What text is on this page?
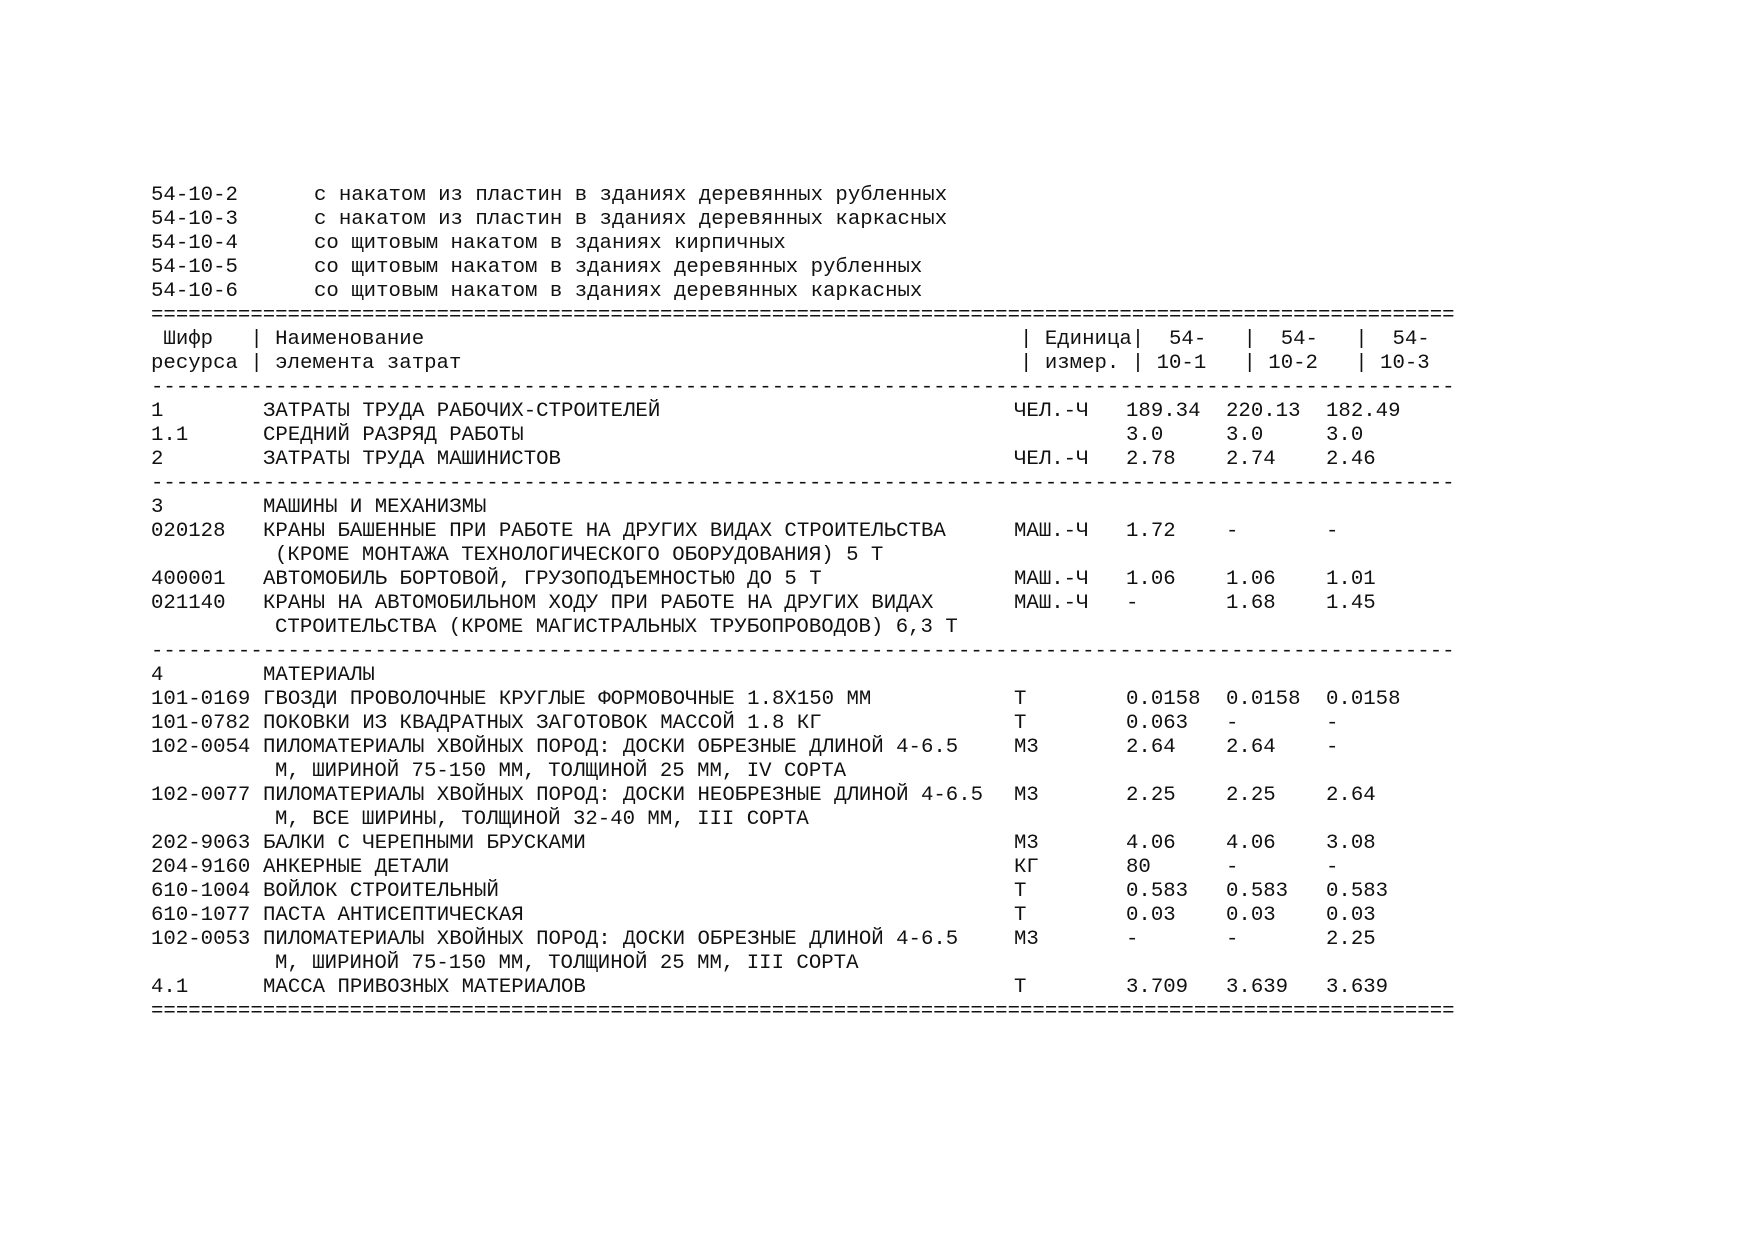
54-10-2	с накатом из пластин в зданиях деревянных рубленных
54-10-3	с накатом из пластин в зданиях деревянных каркасных
54-10-4	со щитовым накатом в зданиях кирпичных
54-10-5	со щитовым накатом в зданиях деревянных рубленных
54-10-6	со щитовым накатом в зданиях деревянных каркасных
=========================================================================================================
Шифр   | Наименование                                                | Единица|  54-   |  54-   |  54-
ресурса | элемента затрат                                             | измер. | 10-1   | 10-2   | 10-3
---------------------------------------------------------------------------------------------------------
1	ЗАТРАТЫ ТРУДА РАБОЧИХ-СТРОИТЕЛЕЙ	ЧЕЛ.-Ч 189.34 220.13 182.49
1.1	СРЕДНИЙ РАЗРЯД РАБОТЫ	3.0	3.0	3.0
2	ЗАТРАТЫ ТРУДА МАШИНИСТОВ	ЧЕЛ.-Ч 2.78 2.74 2.46
---------------------------------------------------------------------------------------------------------
3	МАШИНЫ И МЕХАНИЗМЫ
020128 КРАНЫ БАШЕННЫЕ ПРИ РАБОТЕ НА ДРУГИХ ВИДАХ СТРОИТЕЛЬСТВА	МАШ.-Ч 1.72 -	-
(КРОМЕ МОНТАЖА ТЕХНОЛОГИЧЕСКОГО ОБОРУДОВАНИЯ) 5 Т
400001 АВТОМОБИЛЬ БОРТОВОЙ, ГРУЗОПОДЪЕМНОСТЬЮ ДО 5 Т	МАШ.-Ч 1.06 1.06 1.01
021140 КРАНЫ НА АВТОМОБИЛЬНОМ ХОДУ ПРИ РАБОТЕ НА ДРУГИХ ВИДАХ	МАШ.-Ч -	1.68 1.45
СТРОИТЕЛЬСТВА (КРОМЕ МАГИСТРАЛЬНЫХ ТРУБОПРОВОДОВ) 6,3 Т
---------------------------------------------------------------------------------------------------------
4	МАТЕРИАЛЫ
101-0169 ГВОЗДИ ПРОВОЛОЧНЫЕ КРУГЛЫЕ ФОРМОВОЧНЫЕ 1.8Х150 ММ	Т	0.0158 0.0158 0.0158
101-0782 ПОКОВКИ ИЗ КВАДРАТНЫХ ЗАГОТОВОК МАССОЙ 1.8 КГ	Т	0.063 -	-
102-0054 ПИЛОМАТЕРИАЛЫ ХВОЙНЫХ ПОРОД: ДОСКИ ОБРЕЗНЫЕ ДЛИНОЙ 4-6.5	М3	2.64 2.64 -
М, ШИРИНОЙ 75-150 ММ, ТОЛЩИНОЙ 25 ММ, IV СОРТА
102-0077 ПИЛОМАТЕРИАЛЫ ХВОЙНЫХ ПОРОД: ДОСКИ НЕОБРЕЗНЫЕ ДЛИНОЙ 4-6.5 М3	2.25 2.25 2.64
М, ВСЕ ШИРИНЫ, ТОЛЩИНОЙ 32-40 ММ, III СОРТА
202-9063 БАЛКИ С ЧЕРЕПНЫМИ БРУСКАМИ	М3	4.06 4.06 3.08
204-9160 АНКЕРНЫЕ ДЕТАЛИ	КГ	80	-	-
610-1004 ВОЙЛОК СТРОИТЕЛЬНЫЙ	Т	0.583 0.583 0.583
610-1077 ПАСТА АНТИСЕПТИЧЕСКАЯ	Т	0.03 0.03 0.03
102-0053 ПИЛОМАТЕРИАЛЫ ХВОЙНЫХ ПОРОД: ДОСКИ ОБРЕЗНЫЕ ДЛИНОЙ 4-6.5	М3	-	-	2.25
М, ШИРИНОЙ 75-150 ММ, ТОЛЩИНОЙ 25 ММ, III СОРТА
4.1	МАССА ПРИВОЗНЫХ МАТЕРИАЛОВ	Т	3.709 3.639 3.639
=========================================================================================================
